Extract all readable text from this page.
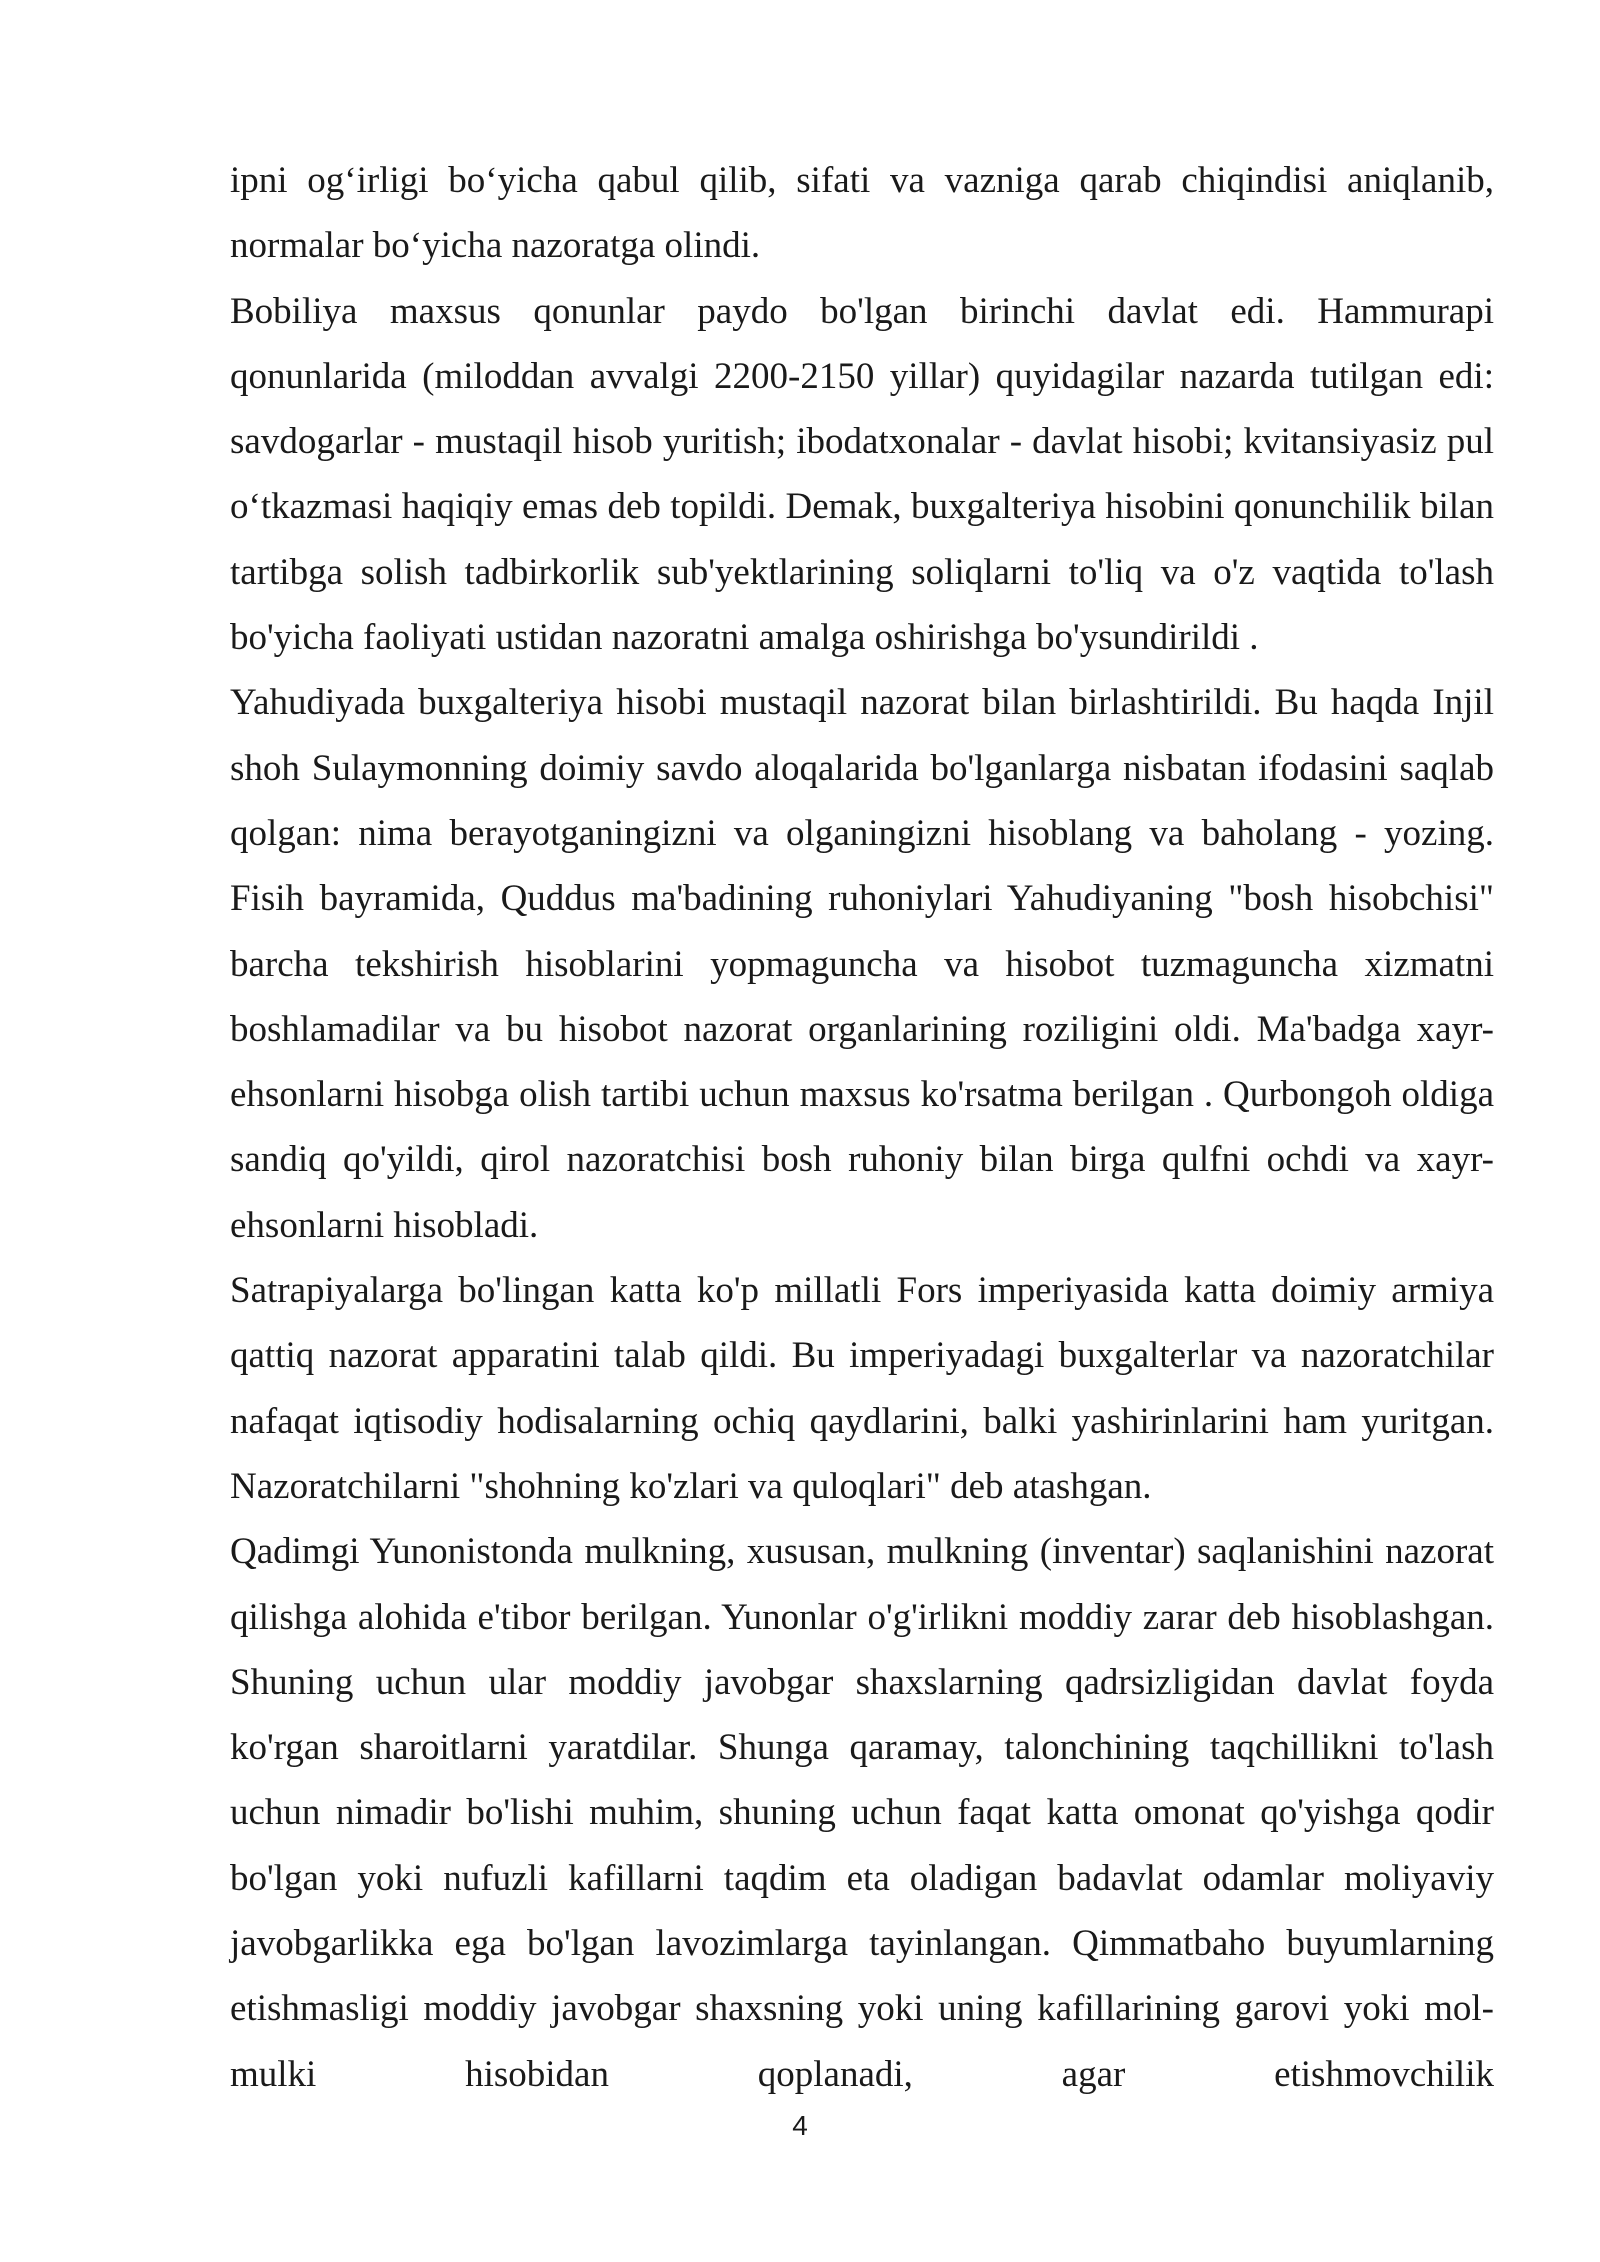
ipni og‘irligi bo‘yicha qabul qilib, sifati va vazniga qarab chiqindisi aniqlanib, normalar bo‘yicha nazoratga olindi.

Bobiliya maxsus qonunlar paydo bo'lgan birinchi davlat edi. Hammurapi qonunlarida (miloddan avvalgi 2200-2150 yillar) quyidagilar nazarda tutilgan edi: savdogarlar - mustaqil hisob yuritish; ibodatxonalar - davlat hisobi; kvitansiyasiz pul o‘tkazmasi haqiqiy emas deb topildi. Demak, buxgalteriya hisobini qonunchilik bilan tartibga solish tadbirkorlik sub'yektlarining soliqlarni to'liq va o'z vaqtida to'lash bo'yicha faoliyati ustidan nazoratni amalga oshirishga bo'ysundirildi .

Yahudiyada buxgalteriya hisobi mustaqil nazorat bilan birlashtirildi. Bu haqda Injil shoh Sulaymonning doimiy savdo aloqalarida bo'lganlarga nisbatan ifodasini saqlab qolgan: nima berayotganingizni va olganingizni hisoblang va baholang - yozing. Fisih bayramida, Quddus ma'badining ruhoniylari Yahudiyaning "bosh hisobchisi" barcha tekshirish hisoblarini yopmaguncha va hisobot tuzmaguncha xizmatni boshlamadilar va bu hisobot nazorat organlarining roziligini oldi. Ma'badga xayr-ehsonlarni hisobga olish tartibi uchun maxsus ko'rsatma berilgan . Qurbongoh oldiga sandiq qo'yildi, qirol nazoratchisi bosh ruhoniy bilan birga qulfni ochdi va xayr-ehsonlarni hisobladi.

Satrapiyalarga bo'lingan katta ko'p millatli Fors imperiyasida katta doimiy armiya qattiq nazorat apparatini talab qildi. Bu imperiyadagi buxgalterlar va nazoratchilar nafaqat iqtisodiy hodisalarning ochiq qaydlarini, balki yashirinlarini ham yuritgan. Nazoratchilarni "shohning ko'zlari va quloqlari" deb atashgan.

Qadimgi Yunonistonda mulkning, xususan, mulkning (inventar) saqlanishini nazorat qilishga alohida e'tibor berilgan. Yunonlar o'g'irlikni moddiy zarar deb hisoblashgan. Shuning uchun ular moddiy javobgar shaxslarning qadrsizligidan davlat foyda ko'rgan sharoitlarni yaratdilar. Shunga qaramay, talonchining taqchillikni to'lash uchun nimadir bo'lishi muhim, shuning uchun faqat katta omonat qo'yishga qodir bo'lgan yoki nufuzli kafillarni taqdim eta oladigan badavlat odamlar moliyaviy javobgarlikka ega bo'lgan lavozimlarga tayinlangan. Qimmatbaho buyumlarning etishmasligi moddiy javobgar shaxsning yoki uning kafillarining garovi yoki mol-mulki hisobidan qoplanadi, agar etishmovchilik

4
